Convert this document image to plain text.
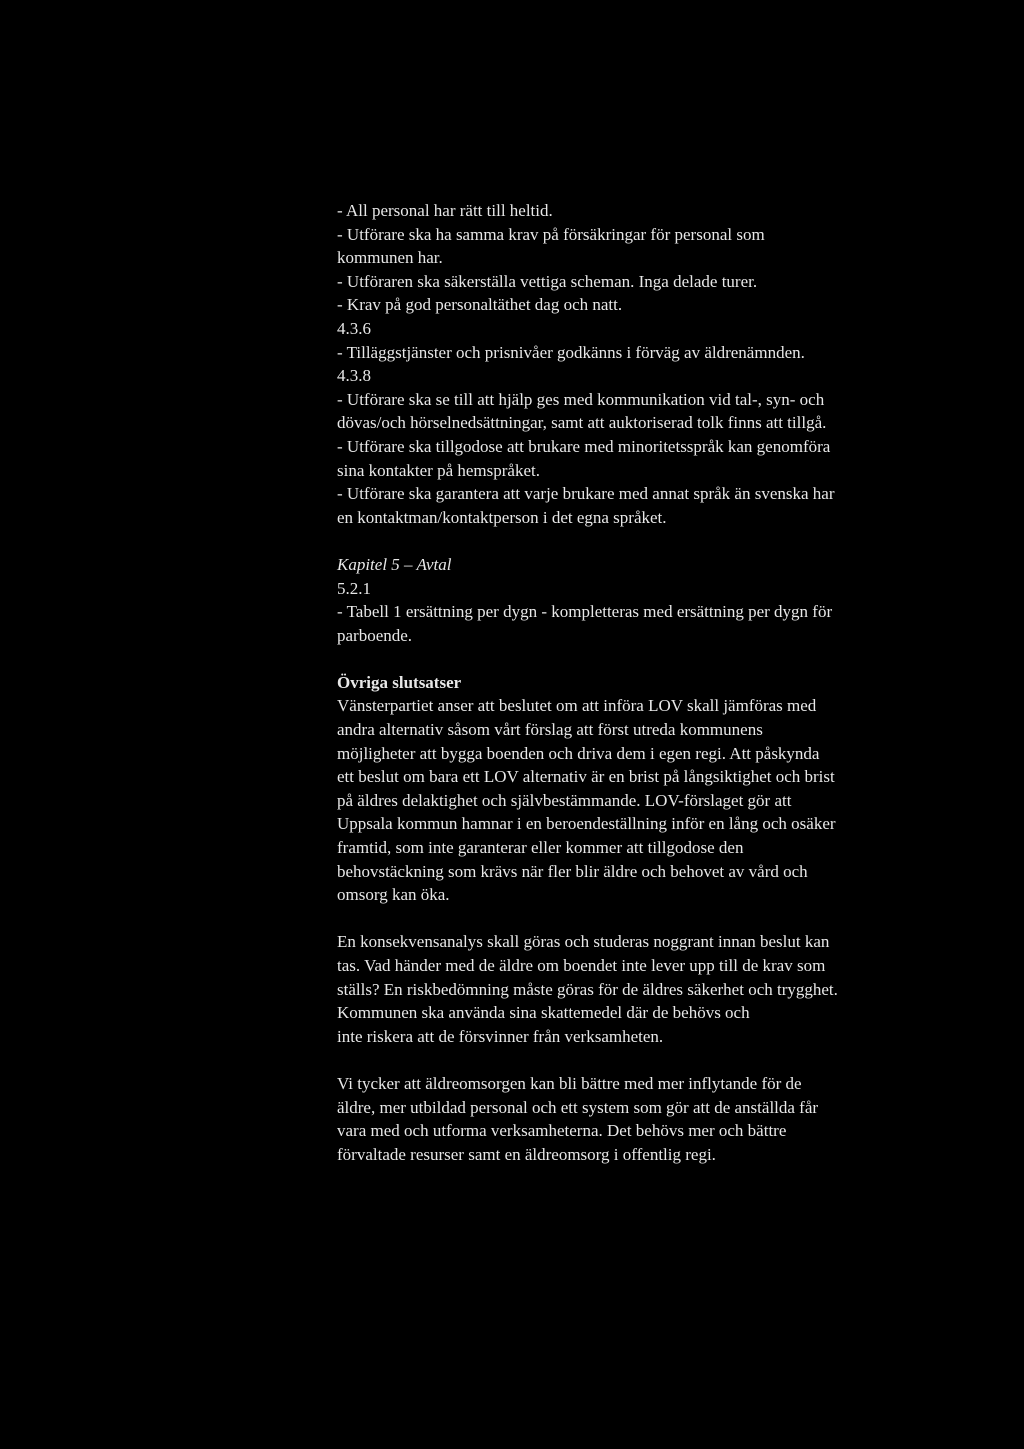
- All personal har rätt till heltid.
- Utförare ska ha samma krav på försäkringar för personal som
kommunen har.
- Utföraren ska säkerställa vettiga scheman. Inga delade turer.
- Krav på god personaltäthet dag och natt.
4.3.6
- Tilläggstjänster och prisnivåer godkänns i förväg av äldrenämnden.
4.3.8
- Utförare ska se till att hjälp ges med kommunikation vid tal-, syn- och
dövas/och hörselnedsättningar, samt att auktoriserad tolk finns att tillgå.
- Utförare ska tillgodose att brukare med minoritetsspråk kan genomföra
sina kontakter på hemspråket.
- Utförare ska garantera att varje brukare med annat språk än svenska har
en kontaktman/kontaktperson i det egna språket.
Kapitel 5 – Avtal
5.2.1
- Tabell 1 ersättning per dygn - kompletteras med ersättning per dygn för
parboende.
Övriga slutsatser
Vänsterpartiet anser att beslutet om att införa LOV skall jämföras med
andra alternativ såsom vårt förslag att först utreda kommunens
möjligheter att bygga boenden och driva dem i egen regi. Att påskynda
ett beslut om bara ett LOV alternativ är en brist på långsiktighet och brist
på äldres delaktighet och självbestämmande. LOV-förslaget gör att
Uppsala kommun hamnar i en beroendeställning inför en lång och osäker
framtid, som inte garanterar eller kommer att tillgodose den
behovstäckning som krävs när fler blir äldre och behovet av vård och
omsorg kan öka.
En konsekvensanalys skall göras och studeras noggrant innan beslut kan
tas. Vad händer med de äldre om boendet inte lever upp till de krav som
ställs? En riskbedömning måste göras för de äldres säkerhet och trygghet.
Kommunen ska använda sina skattemedel där de behövs och
inte riskera att de försvinner från verksamheten.
Vi tycker att äldreomsorgen kan bli bättre med mer inflytande för de
äldre, mer utbildad personal och ett system som gör att de anställda får
vara med och utforma verksamheterna. Det behövs mer och bättre
förvaltade resurser samt en äldreomsorg i offentlig regi.
